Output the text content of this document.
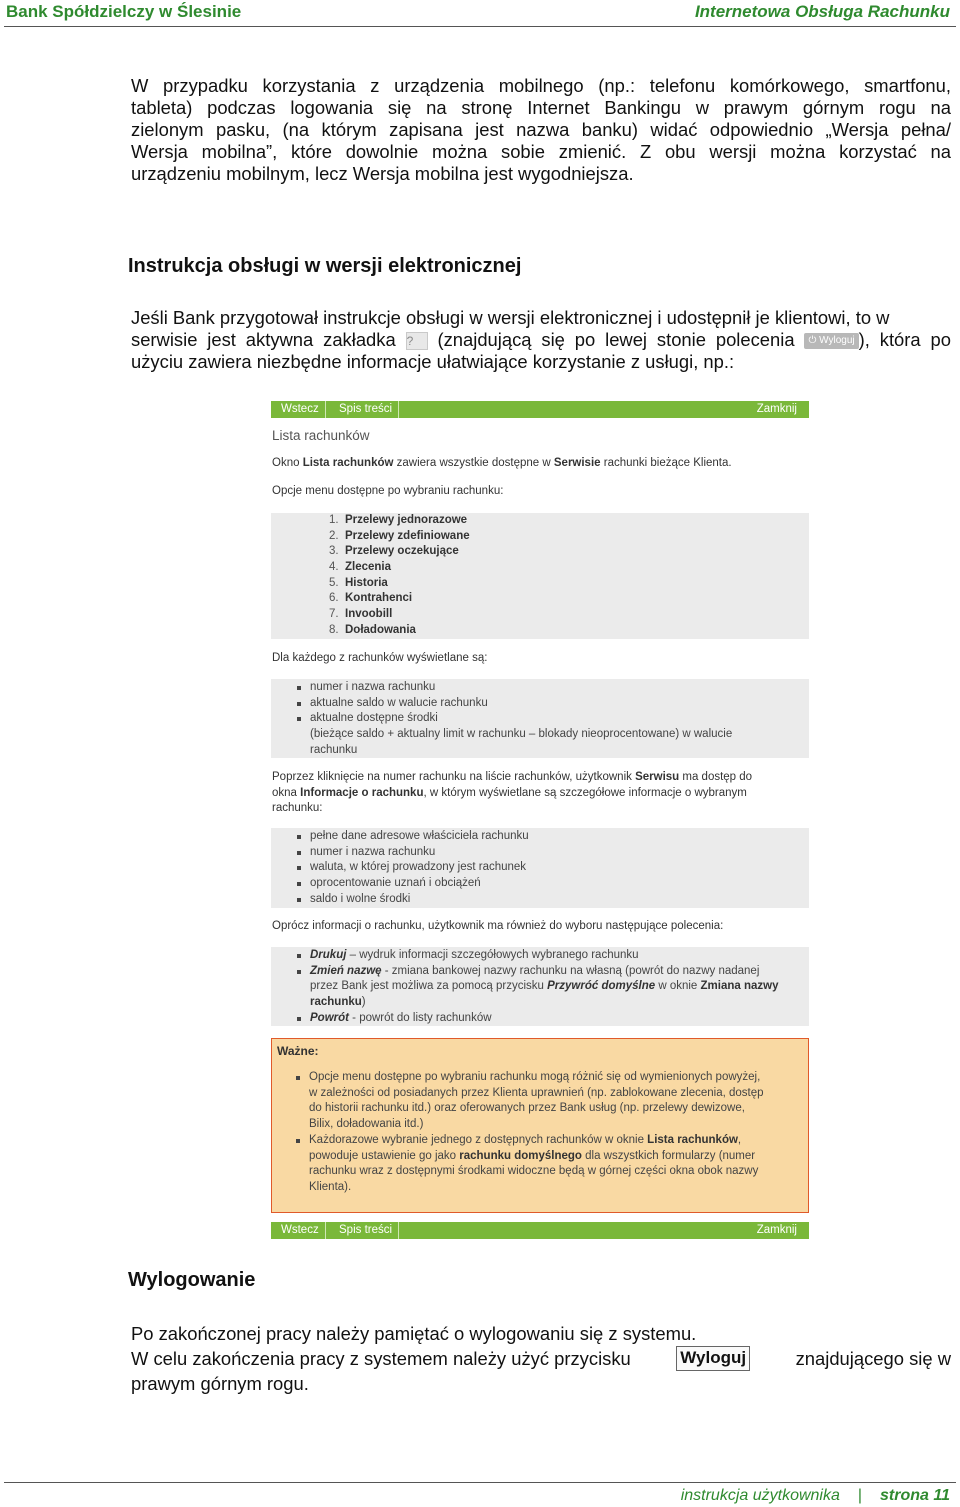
Bank Spółdzielczy w Ślesinie	Internetowa Obsługa Rachunku
W przypadku korzystania z urządzenia mobilnego (np.: telefonu komórkowego, smartfonu,
tableta) podczas logowania się na stronę Internet Bankingu w prawym górnym rogu na
zielonym pasku, (na którym zapisana jest nazwa banku) widać odpowiednio „Wersja pełna/
Wersja mobilna”, które dowolnie można sobie zmienić. Z obu wersji można korzystać na
urządzeniu mobilnym, lecz Wersja mobilna jest wygodniejsza.
Instrukcja obsługi w wersji elektronicznej
Jeśli Bank przygotował instrukcje obsługi w wersji elektronicznej i udostępnił je klientowi, to w
serwisie jest aktywna zakładka ? (znajdującą się po lewej stonie polecenia ⏻ Wyloguj ), która po
użyciu zawiera niezbędne informacje ułatwiające korzystanie z usługi, np.:
Wstecz	Spis treści	Zamknij
Lista rachunków
Okno Lista rachunków zawiera wszystkie dostępne w Serwisie rachunki bieżące Klienta.
Opcje menu dostępne po wybraniu rachunku:
1. Przelewy jednorazowe
2. Przelewy zdefiniowane
3. Przelewy oczekujące
4. Zlecenia
5. Historia
6. Kontrahenci
7. Invoobill
8. Doładowania
Dla każdego z rachunków wyświetlane są:
numer i nazwa rachunku
aktualne saldo w walucie rachunku
aktualne dostępne środki
(bieżące saldo + aktualny limit w rachunku – blokady nieoprocentowane) w walucie
rachunku
Poprzez kliknięcie na numer rachunku na liście rachunków, użytkownik Serwisu ma dostęp do
okna Informacje o rachunku, w którym wyświetlane są szczegółowe informacje o wybranym
rachunku:
pełne dane adresowe właściciela rachunku
numer i nazwa rachunku
waluta, w której prowadzony jest rachunek
oprocentowanie uznań i obciążeń
saldo i wolne środki
Oprócz informacji o rachunku, użytkownik ma również do wyboru następujące polecenia:
Drukuj – wydruk informacji szczegółowych wybranego rachunku
Zmień nazwę - zmiana bankowej nazwy rachunku na własną (powrót do nazwy nadanej
przez Bank jest możliwa za pomocą przycisku Przywróć domyślne w oknie Zmiana nazwy
rachunku)
Powrót - powrót do listy rachunków
Ważne:
Opcje menu dostępne po wybraniu rachunku mogą różnić się od wymienionych powyżej,
w zależności od posiadanych przez Klienta uprawnień (np. zablokowane zlecenia, dostęp
do historii rachunku itd.) oraz oferowanych przez Bank usług (np. przelewy dewizowe,
Bilix, doładowania itd.)
Każdorazowe wybranie jednego z dostępnych rachunków w oknie Lista rachunków,
powoduje ustawienie go jako rachunku domyślnego dla wszystkich formularzy (numer
rachunku wraz z dostępnymi środkami widoczne będą w górnej części okna obok nazwy
Klienta).
Wstecz	Spis treści	Zamknij
Wylogowanie
Po zakończonej pracy należy pamiętać o wylogowaniu się z systemu.
W celu zakończenia pracy z systemem należy użyć przycisku	Wyloguj	znajdującego się w
prawym górnym rogu.
instrukcja użytkownika | strona 11
